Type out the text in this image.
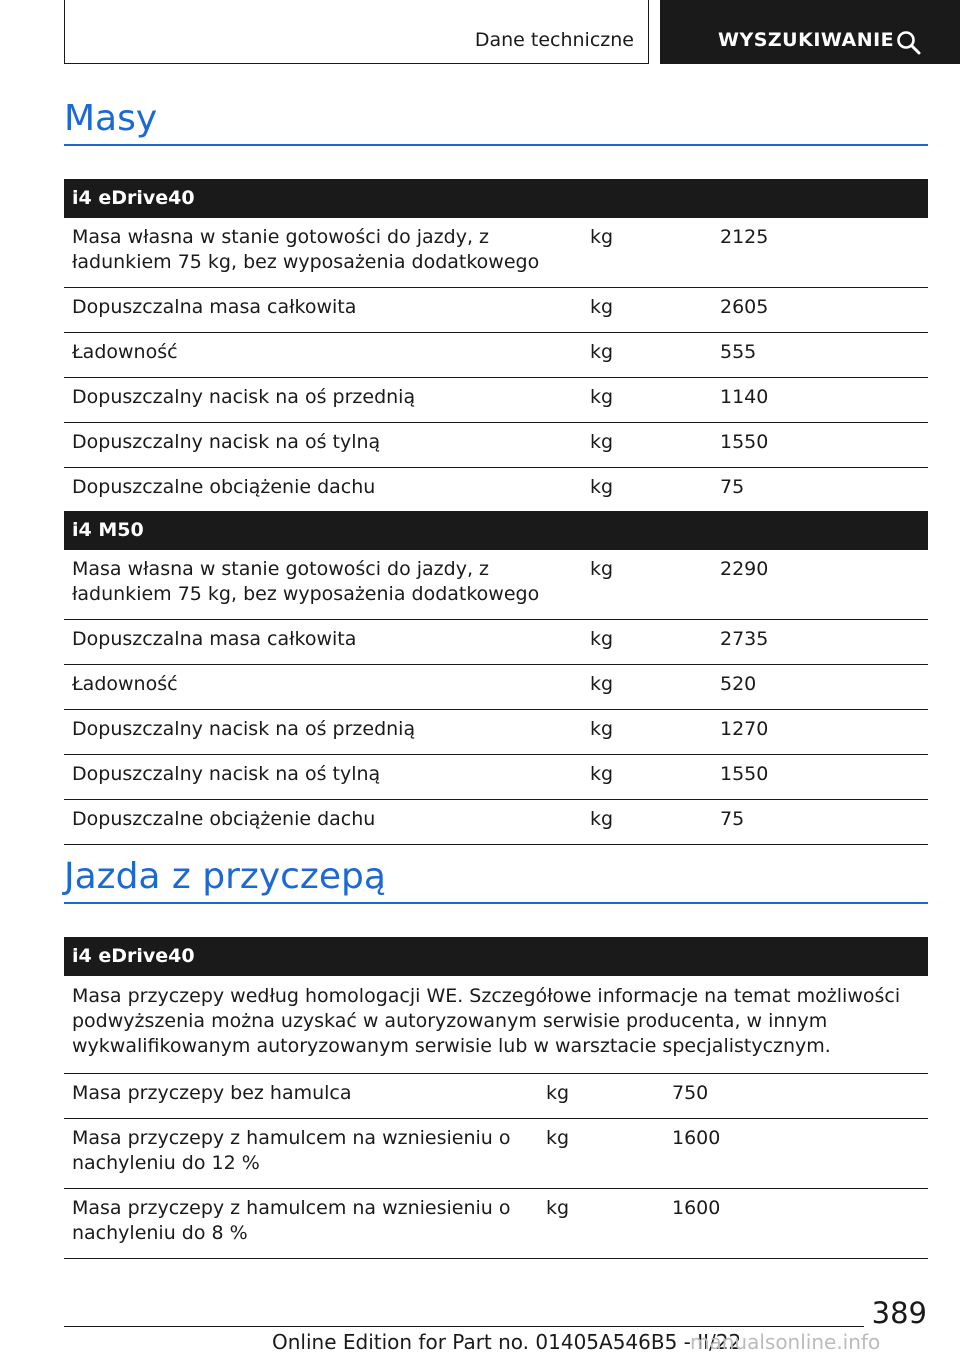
Dane techniczne	WYSZUKIWANIE
Masy
i4 eDrive40		
Masa własna w stanie gotowości do jazdy, z ładunkiem 75 kg, bez wyposażenia dodatkowego	kg	2125
Dopuszczalna masa całkowita	kg	2605
Ładowność	kg	555
Dopuszczalny nacisk na oś przednią	kg	1140
Dopuszczalny nacisk na oś tylną	kg	1550
Dopuszczalne obciążenie dachu	kg	75
i4 M50		
Masa własna w stanie gotowości do jazdy, z ładunkiem 75 kg, bez wyposażenia dodatkowego	kg	2290
Dopuszczalna masa całkowita	kg	2735
Ładowność	kg	520
Dopuszczalny nacisk na oś przednią	kg	1270
Dopuszczalny nacisk na oś tylną	kg	1550
Dopuszczalne obciążenie dachu	kg	75
Jazda z przyczepą
i4 eDrive40		
Masa przyczepy według homologacji WE. Szczegółowe informacje na temat możliwości podwyższenia można uzyskać w autoryzowanym serwisie producenta, w innym wykwalifikowanym autoryzowanym serwisie lub w warsztacie specjalistycznym.		
Masa przyczepy bez hamulca	kg	750
Masa przyczepy z hamulcem na wzniesieniu o nachyleniu do 12 %	kg	1600
Masa przyczepy z hamulcem na wzniesieniu o nachyleniu do 8 %	kg	1600
389
Online Edition for Part no. 01405A546B5 - II/22
manualsonline.info
